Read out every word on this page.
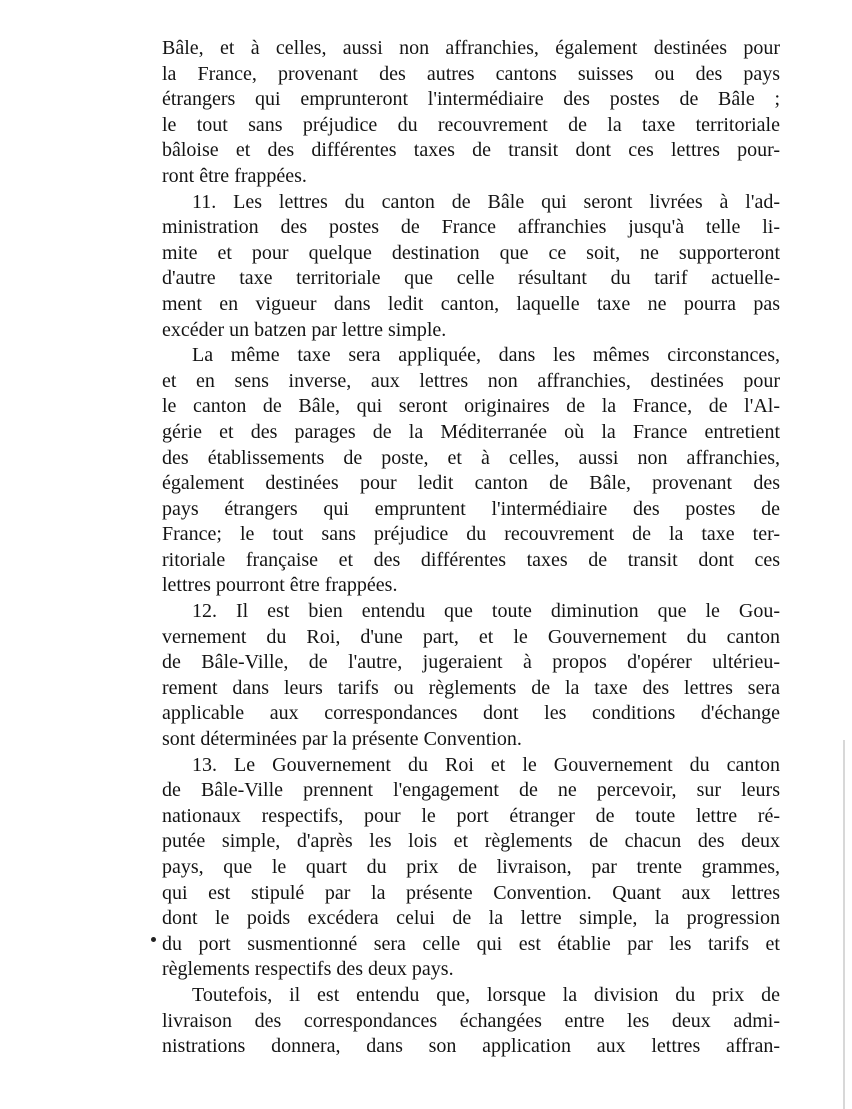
Bâle, et à celles, aussi non affranchies, également destinées pour
la France, provenant des autres cantons suisses ou des pays
étrangers qui emprunteront l'intermédiaire des postes de Bâle ;
le tout sans préjudice du recouvrement de la taxe territoriale
bâloise et des différentes taxes de transit dont ces lettres pour-
ront être frappées.
11. Les lettres du canton de Bâle qui seront livrées à l'ad-
ministration des postes de France affranchies jusqu'à telle li-
mite et pour quelque destination que ce soit, ne supporteront
d'autre taxe territoriale que celle résultant du tarif actuelle-
ment en vigueur dans ledit canton, laquelle taxe ne pourra pas
excéder un batzen par lettre simple.
La même taxe sera appliquée, dans les mêmes circonstances,
et en sens inverse, aux lettres non affranchies, destinées pour
le canton de Bâle, qui seront originaires de la France, de l'Al-
gérie et des parages de la Méditerranée où la France entretient
des établissements de poste, et à celles, aussi non affranchies,
également destinées pour ledit canton de Bâle, provenant des
pays étrangers qui empruntent l'intermédiaire des postes de
France; le tout sans préjudice du recouvrement de la taxe ter-
ritoriale française et des différentes taxes de transit dont ces
lettres pourront être frappées.
12. Il est bien entendu que toute diminution que le Gou-
vernement du Roi, d'une part, et le Gouvernement du canton
de Bâle-Ville, de l'autre, jugeraient à propos d'opérer ultérieu-
rement dans leurs tarifs ou règlements de la taxe des lettres sera
applicable aux correspondances dont les conditions d'échange
sont déterminées par la présente Convention.
13. Le Gouvernement du Roi et le Gouvernement du canton
de Bâle-Ville prennent l'engagement de ne percevoir, sur leurs
nationaux respectifs, pour le port étranger de toute lettre ré-
putée simple, d'après les lois et règlements de chacun des deux
pays, que le quart du prix de livraison, par trente grammes,
qui est stipulé par la présente Convention. Quant aux lettres
dont le poids excédera celui de la lettre simple, la progression
du port susmentionné sera celle qui est établie par les tarifs et
règlements respectifs des deux pays.
Toutefois, il est entendu que, lorsque la division du prix de
livraison des correspondances échangées entre les deux admi-
nistrations donnera, dans son application aux lettres affran-
